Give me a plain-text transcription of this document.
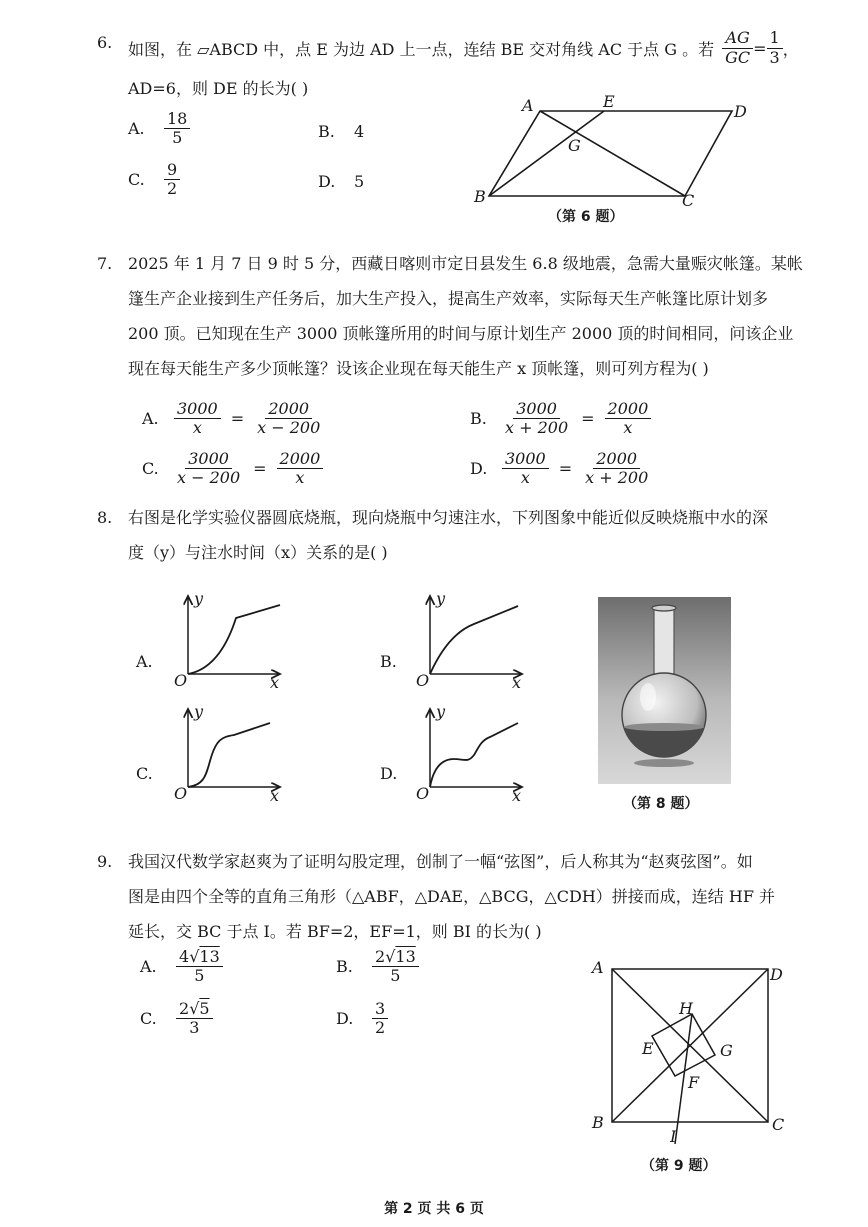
6. 如图，在 ▱ABCD 中，点 E 为边 AD 上一点，连结 BE 交对角线 AC 于点 G 。若 $\frac{AG}{GC} = \frac{1}{3}$ ，
AD=6，则 DE 的长为( )
A.	$\frac{18}{5}$	B.	4
C.	$\frac{9}{2}$	D. 5
A	E
D
G
B	C
（第 6 题）
7. 2025 年 1 月 7 日 9 时 5 分，西藏日喀则市定日县发生 6.8 级地震，急需大量赈灾帐篷。某帐
篷生产企业接到生产任务后，加大生产投入，提高生产效率，实际每天生产帐篷比原计划多
200 顶。已知现在生产 3000 顶帐篷所用的时间与原计划生产 2000 顶的时间相同，问该企业
现在每天能生产多少顶帐篷？设该企业现在每天能生产 x 顶帐篷，则可列方程为( )
A. $\frac{3000}{x} = \frac{2000}{x - 200}$	B. $\frac{3000}{x + 200} = \frac{2000}{x}$
C. $\frac{3000}{x - 200} = \frac{2000}{x}$	D. $\frac{3000}{x} = \frac{2000}{x + 200}$
8. 右图是化学实验仪器圆底烧瓶，现向烧瓶中匀速注水，下列图象中能近似反映烧瓶中水的深
度（y）与注水时间（x）关系的是( )
A.
y
x
O
B.
y
x
O
C.
y
x
O
D.
y
x
O
（第 8 题）
9. 我国汉代数学家赵爽为了证明勾股定理，创制了一幅“弦图”，后人称其为“赵爽弦图”。如
图是由四个全等的直角三角形（△ABF，△DAE，△BCG，△CDH）拼接而成，连结 HF 并
延长，交 BC 于点 I。若 BF=2，EF=1，则 BI 的长为( )
A.	$\frac{4√13}{5}$	B.	$\frac{2√13}{5}$
C.	$\frac{2√5}{3}$	D. $\frac{3}{2}$
A	D
H
E	G
F
B
I
C
（第 9 题）
第 2 页 共 6 页
